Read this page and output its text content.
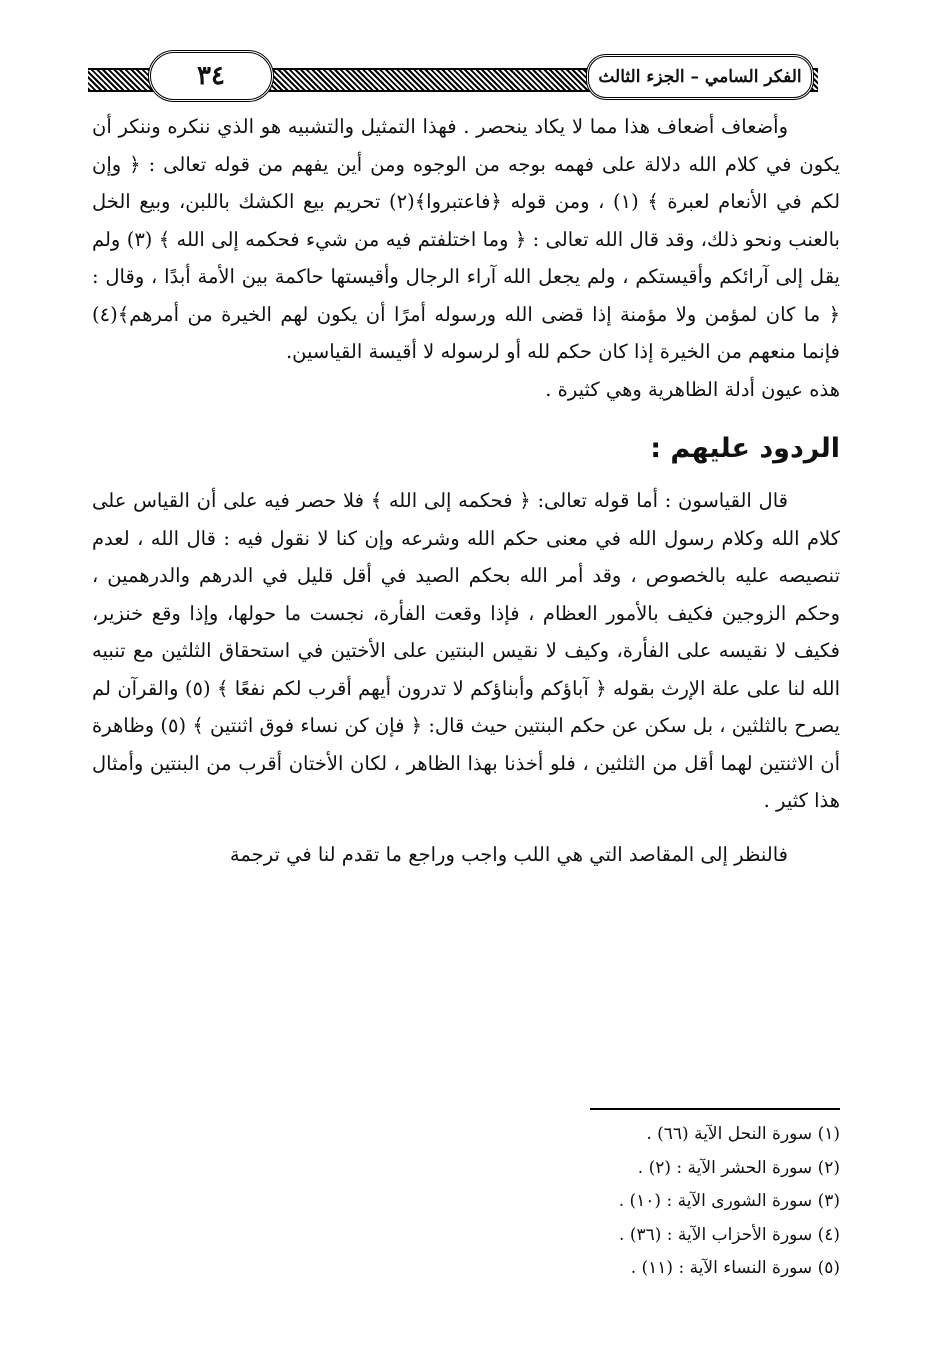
٣٤	الفكر السامي – الجزء الثالث

وأضعاف أضعاف هذا مما لا يكاد ينحصر . فهذا التمثيل والتشبيه هو الذي ننكره وننكر أن يكون في كلام الله دلالة على فهمه بوجه من الوجوه ومن أين يفهم من قوله تعالى : ﴿ وإن لكم في الأنعام لعبرة ﴾ (١) ، ومن قوله ﴿فاعتبروا﴾(٢) تحريم بيع الكشك باللبن، وبيع الخل بالعنب ونحو ذلك، وقد قال الله تعالى : ﴿ وما اختلفتم فيه من شيء فحكمه إلى الله ﴾ (٣) ولم يقل إلى آرائكم وأقيستكم ، ولم يجعل الله آراء الرجال وأقيستها حاكمة بين الأمة أبدًا ، وقال : ﴿ ما كان لمؤمن ولا مؤمنة إذا قضى الله ورسوله أمرًا أن يكون لهم الخيرة من أمرهم﴾(٤) فإنما منعهم من الخيرة إذا كان حكم لله أو لرسوله لا أقيسة القياسين.

هذه عيون أدلة الظاهرية وهي كثيرة .

الردود عليهم :

قال القياسون : أما قوله تعالى: ﴿ فحكمه إلى الله ﴾ فلا حصر فيه على أن القياس على كلام الله وكلام رسول الله في معنى حكم الله وشرعه وإن كنا لا نقول فيه : قال الله ، لعدم تنصيصه عليه بالخصوص ، وقد أمر الله بحكم الصيد في أقل قليل في الدرهم والدرهمين ، وحكم الزوجين فكيف بالأمور العظام ، فإذا وقعت الفأرة، نجست ما حولها، وإذا وقع خنزير، فكيف لا نقيسه على الفأرة، وكيف لا نقيس البنتين على الأختين في استحقاق الثلثين مع تنبيه الله لنا على علة الإرث بقوله ﴿ آباؤكم وأبناؤكم لا تدرون أيهم أقرب لكم نفعًا ﴾ (٥) والقرآن لم يصرح بالثلثين ، بل سكن عن حكم البنتين حيث قال: ﴿ فإن كن نساء فوق اثنتين ﴾ (٥) وظاهرة أن الاثنتين لهما أقل من الثلثين ، فلو أخذنا بهذا الظاهر ، لكان الأختان أقرب من البنتين وأمثال هذا كثير .

فالنظر إلى المقاصد التي هي اللب واجب وراجع ما تقدم لنا في ترجمة

(١) سورة النحل الآية (٦٦) .
(٢) سورة الحشر الآية : (٢) .
(٣) سورة الشورى الآية : (١٠) .
(٤) سورة الأحزاب الآية : (٣٦) .
(٥) سورة النساء الآية : (١١) .
